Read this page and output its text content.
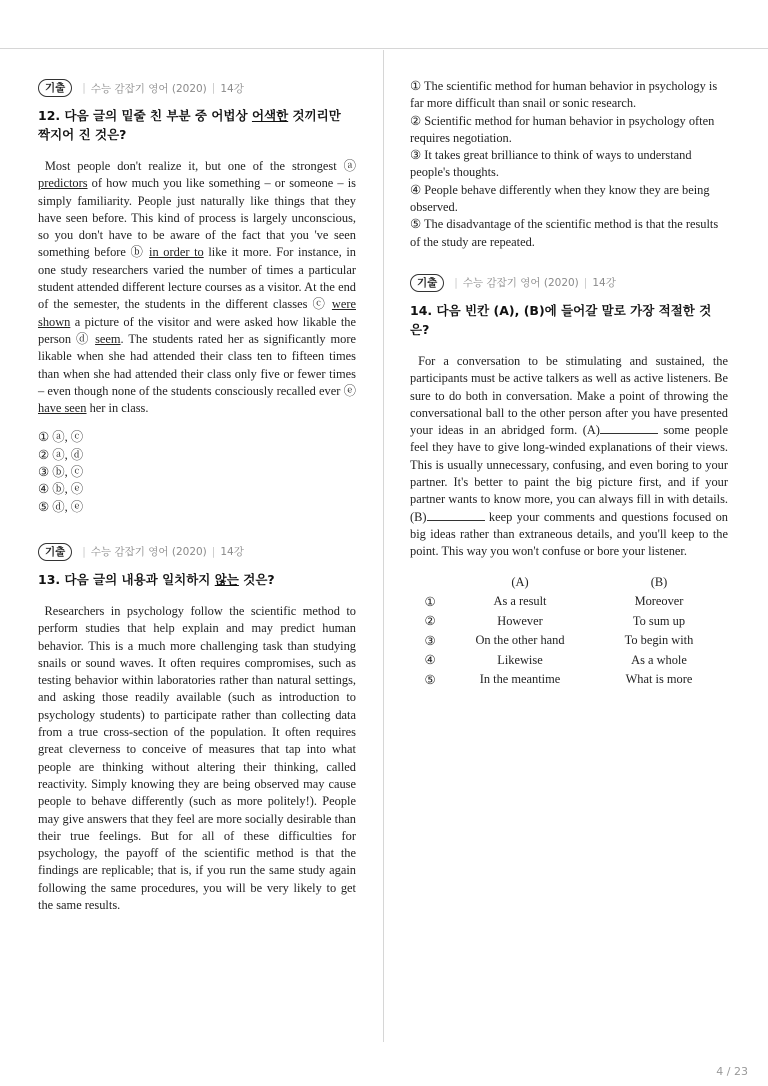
기출	| 수능 감잡기 영어 (2020) | 14강

12. 다음 글의 밑줄 친 부분 중 어법상 어색한 것끼리만 짝지어 진 것은?

Most people don't realize it, but one of the strongest ⓐ predictors of how much you like something – or someone – is simply familiarity. People just naturally like things that they have seen before. This kind of process is largely unconscious, so you don't have to be aware of the fact that you 've seen something before ⓑ in order to like it more. For instance, in one study researchers varied the number of times a particular student attended different lecture courses as a visitor. At the end of the semester, the students in the different classes ⓒ were shown a picture of the visitor and were asked how likable the person ⓓ seem. The students rated her as significantly more likable when she had attended their class ten to fifteen times than when she had attended their class only five or fewer times – even though none of the students consciously recalled ever ⓔ have seen her in class.

① ⓐ, ⓒ
② ⓐ, ⓓ
③ ⓑ, ⓒ
④ ⓑ, ⓔ
⑤ ⓓ, ⓔ
기출	| 수능 감잡기 영어 (2020) | 14강

13. 다음 글의 내용과 일치하지 않는 것은?

Researchers in psychology follow the scientific method to perform studies that help explain and may predict human behavior. This is a much more challenging task than studying snails or sound waves. It often requires compromises, such as testing behavior within laboratories rather than natural settings, and asking those readily available (such as introduction to psychology students) to participate rather than collecting data from a true cross-section of the population. It often requires great cleverness to conceive of measures that tap into what people are thinking without altering their thinking, called reactivity. Simply knowing they are being observed may cause people to behave differently (such as more politely!). People may give answers that they feel are more socially desirable than their true feelings. But for all of these difficulties for psychology, the payoff of the scientific method is that the findings are replicable; that is, if you run the same study again following the same procedures, you will be very likely to get the same results.

① The scientific method for human behavior in psychology is far more difficult than snail or sonic research.
② Scientific method for human behavior in psychology often requires negotiation.
③ It takes great brilliance to think of ways to understand people's thoughts.
④ People behave differently when they know they are being observed.
⑤ The disadvantage of the scientific method is that the results of the study are repeated.
기출	| 수능 감잡기 영어 (2020) | 14강

14. 다음 빈칸 (A), (B)에 들어갈 말로 가장 적절한 것은?

For a conversation to be stimulating and sustained, the participants must be active talkers as well as active listeners. Be sure to do both in conversation. Make a point of throwing the conversational ball to the other person after you have presented your ideas in an abridged form. (A)	some people feel they have to give long-winded explanations of their views. This is usually unnecessary, confusing, and even boring to your partner. It's better to paint the big picture first, and if your partner wants to know more, you can always fill in with details. (B)	keep your comments and questions focused on big ideas rather than extraneous details, and you'll keep to the point. This way you won't confuse or bore your listener.

	(A)	(B)
①	As a result	Moreover
②	However	To sum up
③	On the other hand	To begin with
④	Likewise	As a whole
⑤	In the meantime	What is more
4 / 23
